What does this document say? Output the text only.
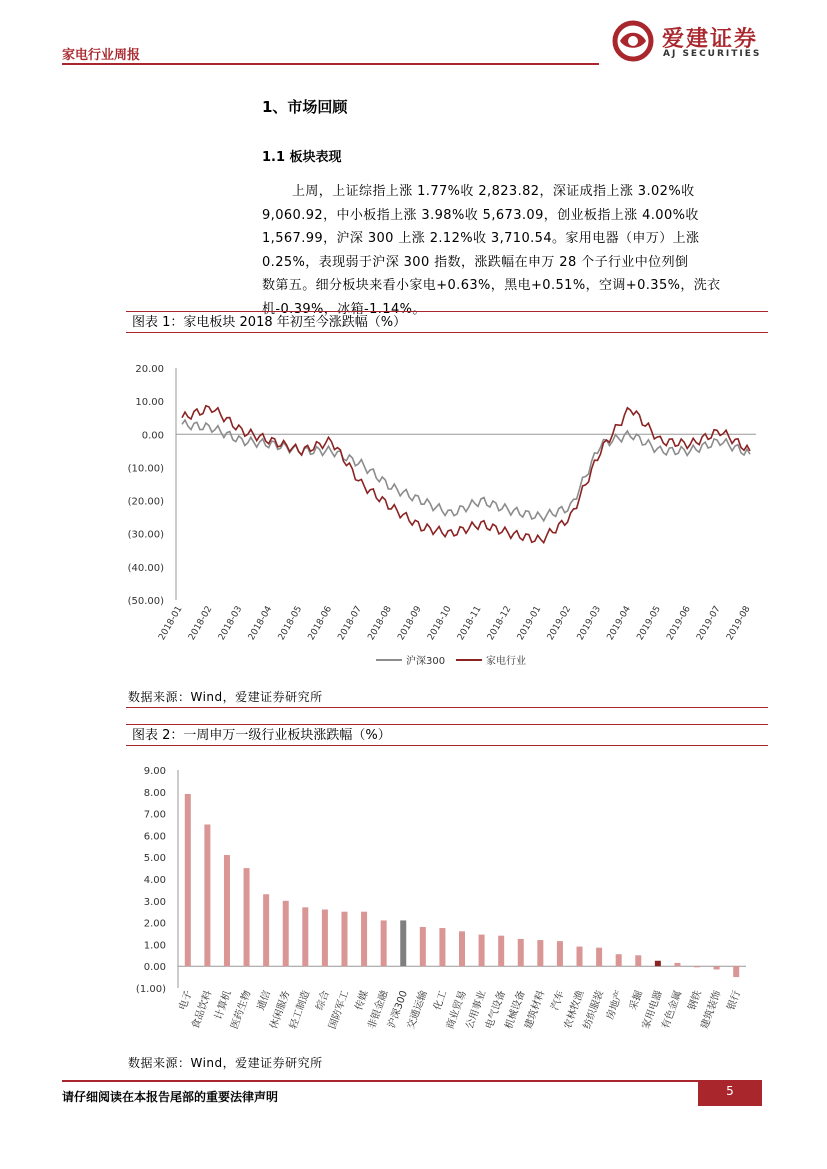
家电行业周报
爱建证券
AJ SECURITIES
1、市场回顾
1.1 板块表现
上周，上证综指上涨 1.77%收 2,823.82，深证成指上涨 3.02%收
9,060.92，中小板指上涨 3.98%收 5,673.09，创业板指上涨 4.00%收
1,567.99，沪深 300 上涨 2.12%收 3,710.54。家用电器（申万）上涨
0.25%，表现弱于沪深 300 指数，涨跌幅在申万 28 个子行业中位列倒
数第五。细分板块来看小家电+0.63%，黑电+0.51%，空调+0.35%，洗衣
机-0.39%，冰箱-1.14%。
图表 1：家电板块 2018 年初至今涨跌幅（%）
20.00
10.00
0.00
(10.00)
(20.00)
(30.00)
(40.00)
(50.00)
2018-01 2018-02 2018-03 2018-04 2018-05 2018-06 2018-07 2018-08 2018-09 2018-10 2018-11 2018-12 2019-01 2019-02 2019-03 2019-04 2019-05 2019-06 2019-07 2019-08
沪深300	家电行业
数据来源：Wind，爱建证券研究所
图表 2：一周申万一级行业板块涨跌幅（%）
9.00
8.00
7.00
6.00
5.00
4.00
3.00
2.00
1.00
0.00
(1.00) 电子
食品饮料
计算机
医药生物 通信
休闲服务
轻工制造 综合
国防军工 传媒
非银金融
沪深300
交通运输 化工
商业贸易
公用事业
电气设备
机械设备
建筑材料 汽车
农林牧渔
纺织服装
房地产 采掘
家用电器
有色金属 钢铁
建筑装饰 银行
数据来源：Wind，爱建证券研究所
请仔细阅读在本报告尾部的重要法律声明	5
